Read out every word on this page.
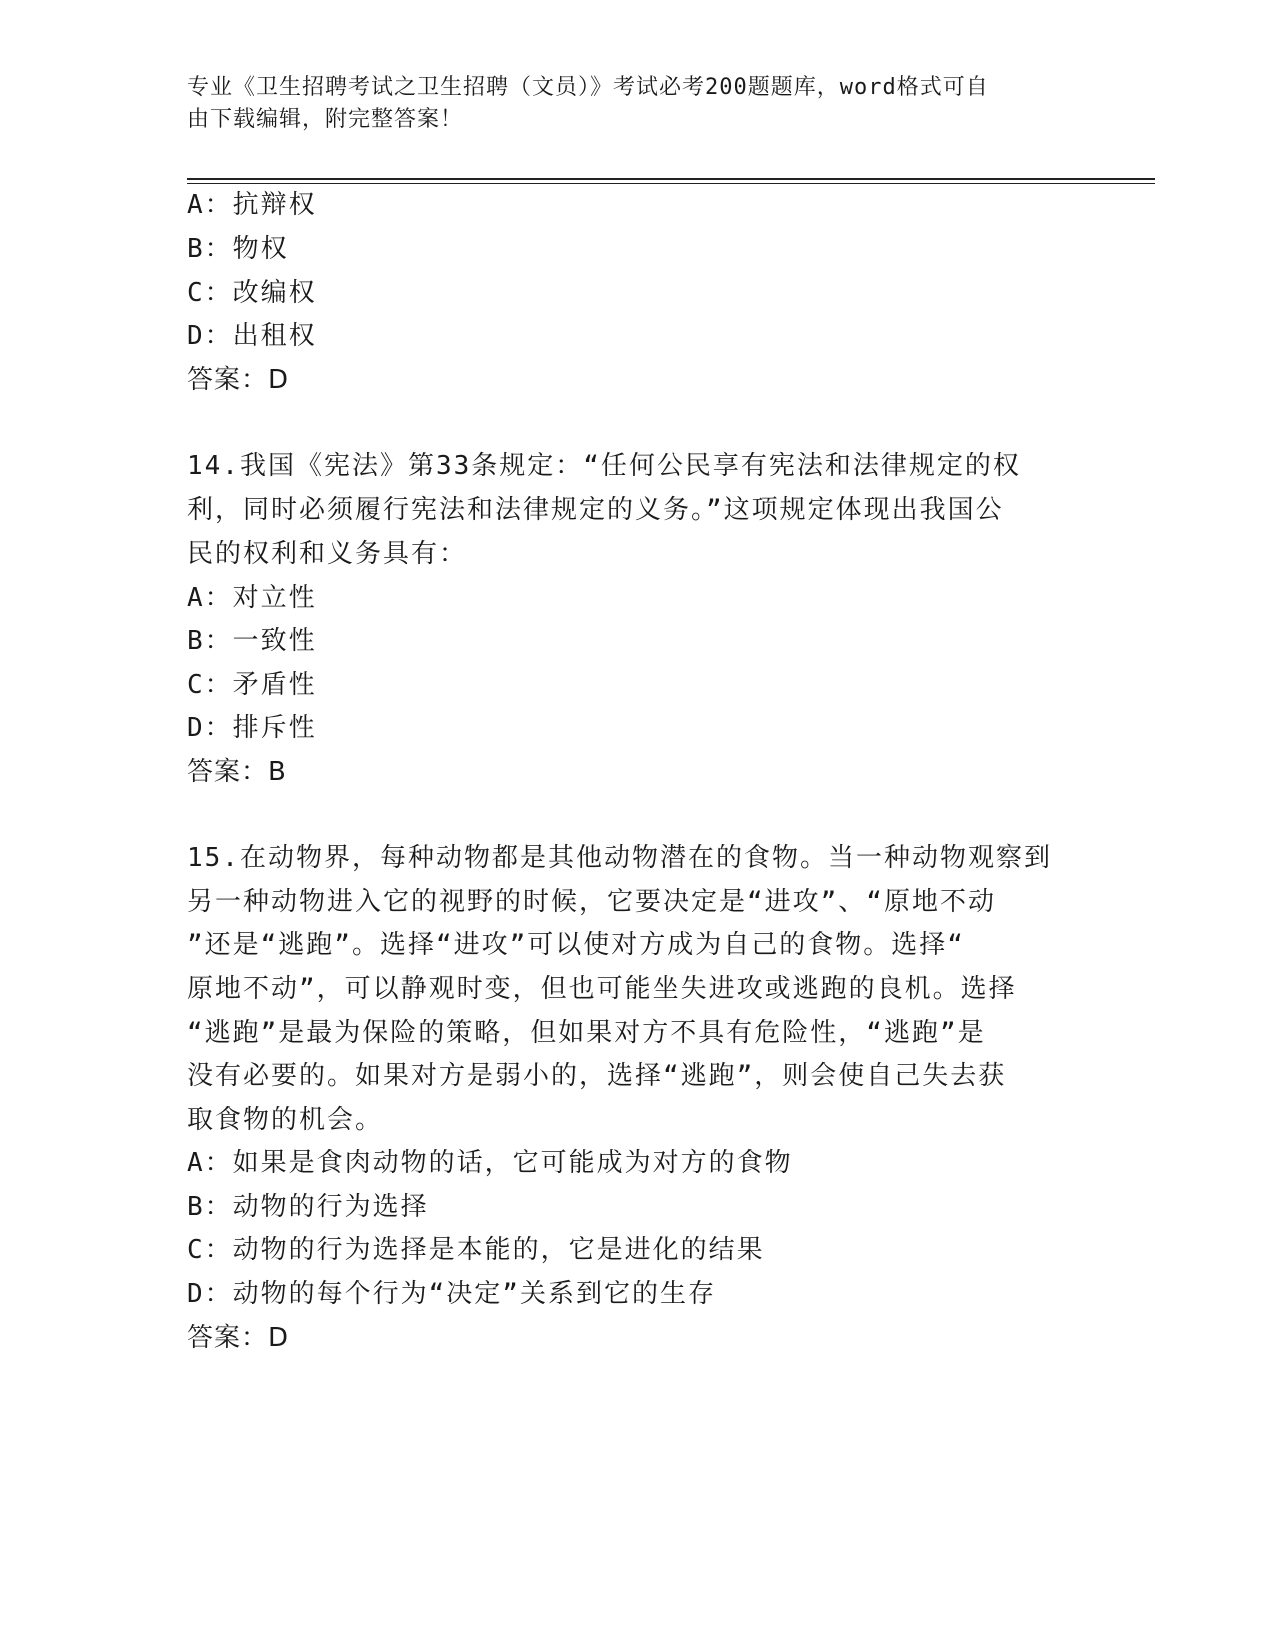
专业《卫生招聘考试之卫生招聘（文员）》考试必考200题题库，word格式可自
由下载编辑，附完整答案！
A：抗辩权
B：物权
C：改编权
D：出租权
答案：D
14.我国《宪法》第33条规定：“任何公民享有宪法和法律规定的权
利，同时必须履行宪法和法律规定的义务。”这项规定体现出我国公
民的权利和义务具有：
A：对立性
B：一致性
C：矛盾性
D：排斥性
答案：B
15.在动物界，每种动物都是其他动物潜在的食物。当一种动物观察到
另一种动物进入它的视野的时候，它要决定是“进攻”、“原地不动
”还是“逃跑”。选择“进攻”可以使对方成为自己的食物。选择“
原地不动”，可以静观时变，但也可能坐失进攻或逃跑的良机。选择
“逃跑”是最为保险的策略，但如果对方不具有危险性，“逃跑”是
没有必要的。如果对方是弱小的，选择“逃跑”，则会使自己失去获
取食物的机会。
A：如果是食肉动物的话，它可能成为对方的食物
B：动物的行为选择
C：动物的行为选择是本能的，它是进化的结果
D：动物的每个行为“决定”关系到它的生存
答案：D
